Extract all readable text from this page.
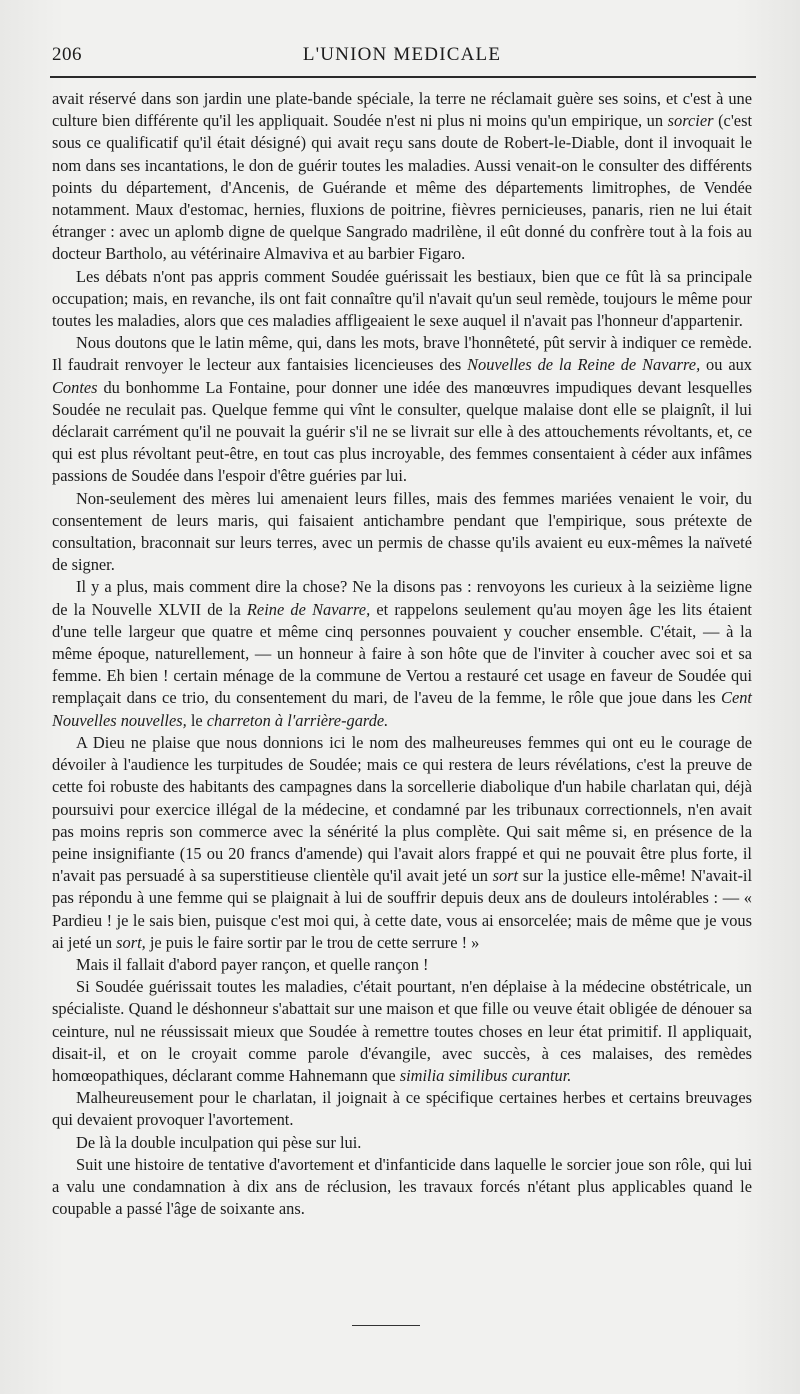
206	L'UNION MEDICALE

avait réservé dans son jardin une plate-bande spéciale, la terre ne réclamait guère ses soins, et c'est à une culture bien différente qu'il les appliquait. Soudée n'est ni plus ni moins qu'un empirique, un sorcier (c'est sous ce qualificatif qu'il était désigné) qui avait reçu sans doute de Robert-le-Diable, dont il invoquait le nom dans ses incantations, le don de guérir toutes les maladies. Aussi venait-on le consulter des différents points du département, d'Ancenis, de Guérande et même des départements limitrophes, de Vendée notamment. Maux d'estomac, hernies, fluxions de poitrine, fièvres pernicieuses, panaris, rien ne lui était étranger : avec un aplomb digne de quelque Sangrado madrilène, il eût donné du confrère tout à la fois au docteur Bartholo, au vétérinaire Almaviva et au barbier Figaro.

Les débats n'ont pas appris comment Soudée guérissait les bestiaux, bien que ce fût là sa principale occupation; mais, en revanche, ils ont fait connaître qu'il n'avait qu'un seul remède, toujours le même pour toutes les maladies, alors que ces maladies affligeaient le sexe auquel il n'avait pas l'honneur d'appartenir.

Nous doutons que le latin même, qui, dans les mots, brave l'honnêteté, pût servir à indiquer ce remède. Il faudrait renvoyer le lecteur aux fantaisies licencieuses des Nouvelles de la Reine de Navarre, ou aux Contes du bonhomme La Fontaine, pour donner une idée des manœuvres impudiques devant lesquelles Soudée ne reculait pas. Quelque femme qui vînt le consulter, quelque malaise dont elle se plaignît, il lui déclarait carrément qu'il ne pouvait la guérir s'il ne se livrait sur elle à des attouchements révoltants, et, ce qui est plus révoltant peut-être, en tout cas plus incroyable, des femmes consentaient à céder aux infâmes passions de Soudée dans l'espoir d'être guéries par lui.

Non-seulement des mères lui amenaient leurs filles, mais des femmes mariées venaient le voir, du consentement de leurs maris, qui faisaient antichambre pendant que l'empirique, sous prétexte de consultation, braconnait sur leurs terres, avec un permis de chasse qu'ils avaient eu eux-mêmes la naïveté de signer.

Il y a plus, mais comment dire la chose? Ne la disons pas : renvoyons les curieux à la seizième ligne de la Nouvelle XLVII de la Reine de Navarre, et rappelons seulement qu'au moyen âge les lits étaient d'une telle largeur que quatre et même cinq personnes pouvaient y coucher ensemble. C'était, — à la même époque, naturellement, — un honneur à faire à son hôte que de l'inviter à coucher avec soi et sa femme. Eh bien ! certain ménage de la commune de Vertou a restauré cet usage en faveur de Soudée qui remplaçait dans ce trio, du consentement du mari, de l'aveu de la femme, le rôle que joue dans les Cent Nouvelles nouvelles, le charreton à l'arrière-garde.

A Dieu ne plaise que nous donnions ici le nom des malheureuses femmes qui ont eu le courage de dévoiler à l'audience les turpitudes de Soudée; mais ce qui restera de leurs révélations, c'est la preuve de cette foi robuste des habitants des campagnes dans la sorcellerie diabolique d'un habile charlatan qui, déjà poursuivi pour exercice illégal de la médecine, et condamné par les tribunaux correctionnels, n'en avait pas moins repris son commerce avec la sénérité la plus complète. Qui sait même si, en présence de la peine insignifiante (15 ou 20 francs d'amende) qui l'avait alors frappé et qui ne pouvait être plus forte, il n'avait pas persuadé à sa superstitieuse clientèle qu'il avait jeté un sort sur la justice elle-même! N'avait-il pas répondu à une femme qui se plaignait à lui de souffrir depuis deux ans de douleurs intolérables : — « Pardieu ! je le sais bien, puisque c'est moi qui, à cette date, vous ai ensorcelée; mais de même que je vous ai jeté un sort, je puis le faire sortir par le trou de cette serrure ! »

Mais il fallait d'abord payer rançon, et quelle rançon !

Si Soudée guérissait toutes les maladies, c'était pourtant, n'en déplaise à la médecine obstétricale, un spécialiste. Quand le déshonneur s'abattait sur une maison et que fille ou veuve était obligée de dénouer sa ceinture, nul ne réussissait mieux que Soudée à remettre toutes choses en leur état primitif. Il appliquait, disait-il, et on le croyait comme parole d'évangile, avec succès, à ces malaises, des remèdes homœopathiques, déclarant comme Hahnemann que similia similibus curantur.

Malheureusement pour le charlatan, il joignait à ce spécifique certaines herbes et certains breuvages qui devaient provoquer l'avortement.

De là la double inculpation qui pèse sur lui.

Suit une histoire de tentative d'avortement et d'infanticide dans laquelle le sorcier joue son rôle, qui lui a valu une condamnation à dix ans de réclusion, les travaux forcés n'étant plus applicables quand le coupable a passé l'âge de soixante ans.
